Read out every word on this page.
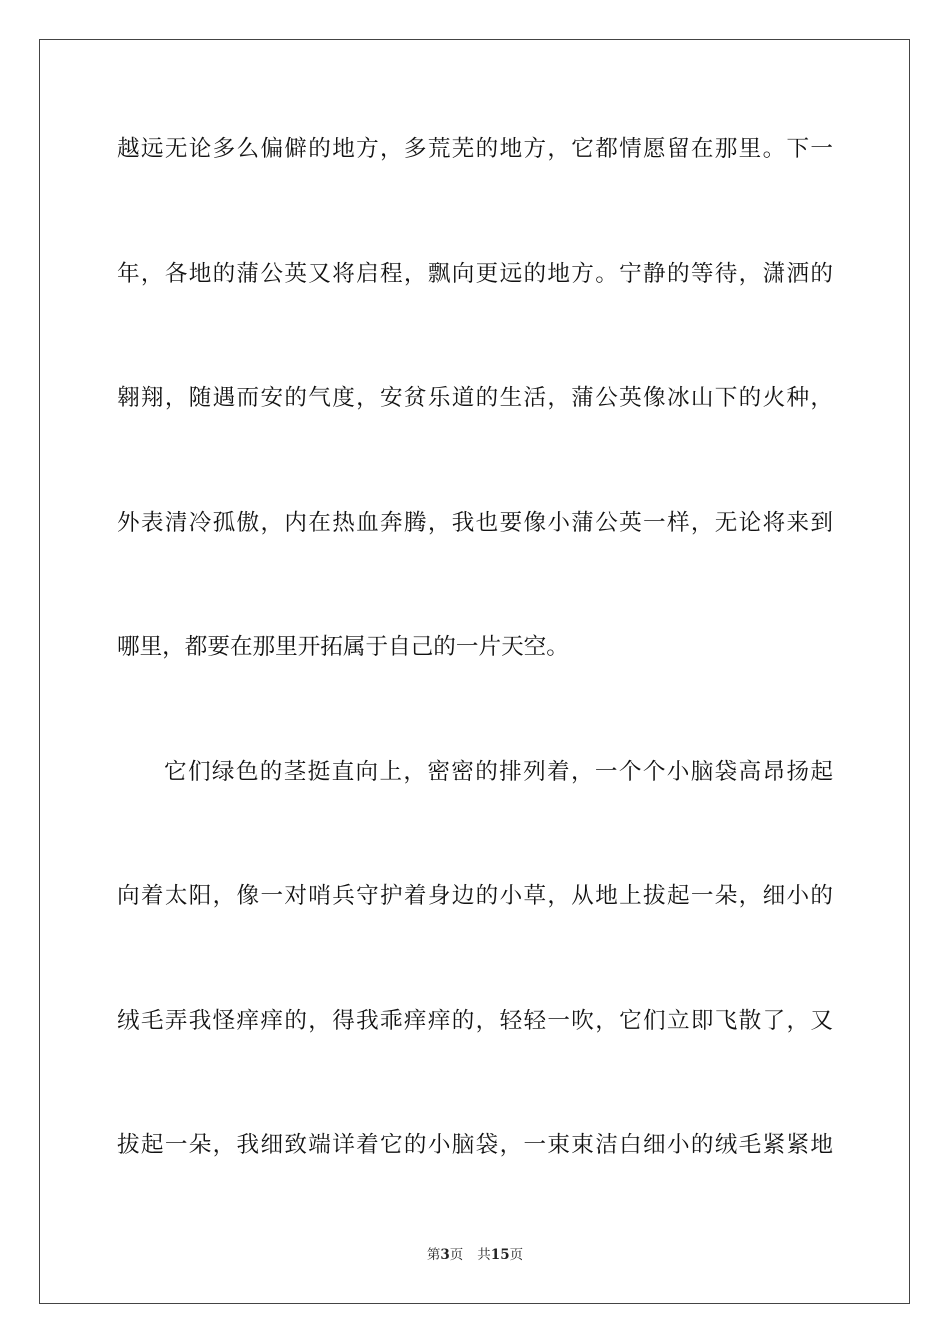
越远无论多么偏僻的地方，多荒芜的地方，它都情愿留在那里。下一
年，各地的蒲公英又将启程，飘向更远的地方。宁静的等待，潇洒的
翱翔，随遇而安的气度，安贫乐道的生活，蒲公英像冰山下的火种，
外表清冷孤傲，内在热血奔腾，我也要像小蒲公英一样，无论将来到
哪里，都要在那里开拓属于自己的一片天空。
它们绿色的茎挺直向上，密密的排列着，一个个小脑袋高昂扬起
向着太阳，像一对哨兵守护着身边的小草，从地上拔起一朵，细小的
绒毛弄我怪痒痒的，得我乖痒痒的，轻轻一吹，它们立即飞散了，又
拔起一朵，我细致端详着它的小脑袋，一束束洁白细小的绒毛紧紧地
第3页 共15页
